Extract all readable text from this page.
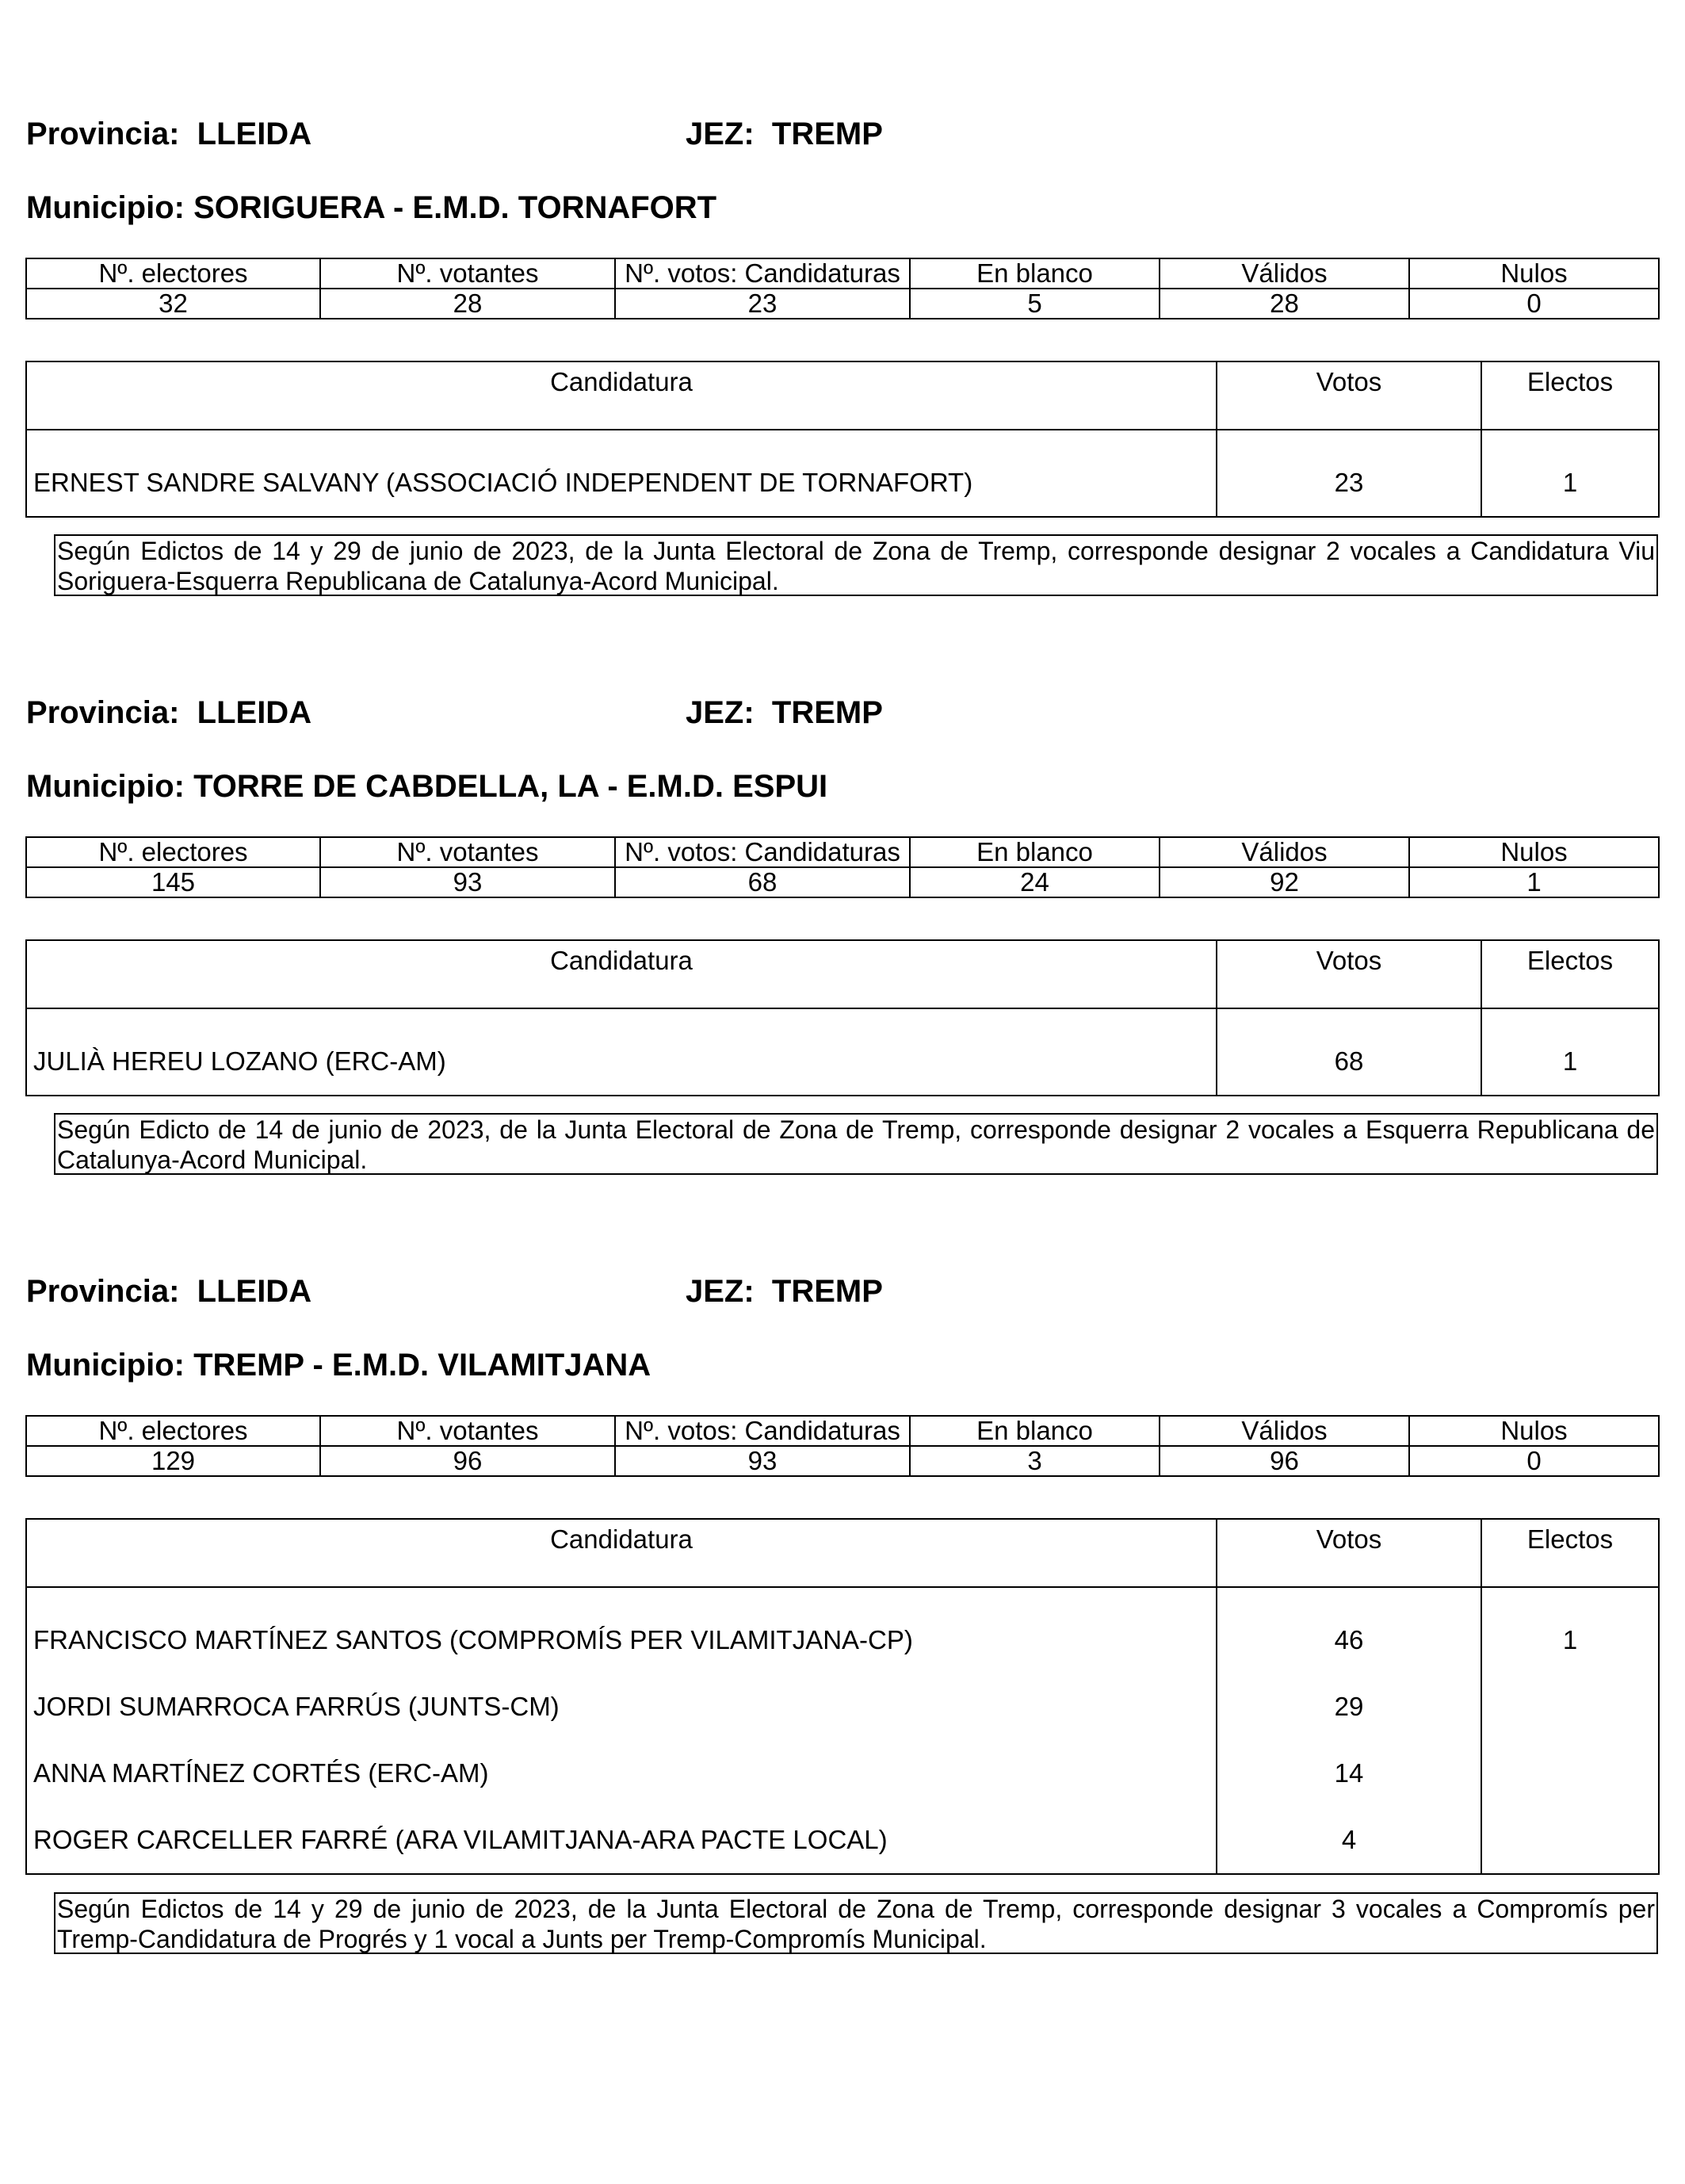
Provincia: LLEIDA	JEZ: TREMP
Municipio: SORIGUERA - E.M.D. TORNAFORT
Nº. electores	Nº. votantes	Nº. votos: Candidaturas	En blanco	Válidos	Nulos
32	28	23	5	28	0
Candidatura	Votos	Electos
ERNEST SANDRE SALVANY (ASSOCIACIÓ INDEPENDENT DE TORNAFORT)	23	1
Según Edictos de 14 y 29 de junio de 2023, de la Junta Electoral de Zona de Tremp, corresponde designar 2 vocales a Candidatura Viu Soriguera-Esquerra Republicana de Catalunya-Acord Municipal.
Provincia: LLEIDA	JEZ: TREMP
Municipio: TORRE DE CABDELLA, LA - E.M.D. ESPUI
Nº. electores	Nº. votantes	Nº. votos: Candidaturas	En blanco	Válidos	Nulos
145	93	68	24	92	1
Candidatura	Votos	Electos
JULIÀ HEREU LOZANO (ERC-AM)	68	1
Según Edicto de 14 de junio de 2023, de la Junta Electoral de Zona de Tremp, corresponde designar 2 vocales a Esquerra Republicana de Catalunya-Acord Municipal.
Provincia: LLEIDA	JEZ: TREMP
Municipio: TREMP - E.M.D. VILAMITJANA
Nº. electores	Nº. votantes	Nº. votos: Candidaturas	En blanco	Válidos	Nulos
129	96	93	3	96	0
Candidatura	Votos	Electos
FRANCISCO MARTÍNEZ SANTOS (COMPROMÍS PER VILAMITJANA-CP)	46	1
JORDI SUMARROCA FARRÚS (JUNTS-CM)	29	
ANNA MARTÍNEZ CORTÉS (ERC-AM)	14	
ROGER CARCELLER FARRÉ (ARA VILAMITJANA-ARA PACTE LOCAL)	4	
Según Edictos de 14 y 29 de junio de 2023, de la Junta Electoral de Zona de Tremp, corresponde designar 3 vocales a Compromís per Tremp-Candidatura de Progrés y 1 vocal a Junts per Tremp-Compromís Municipal.
